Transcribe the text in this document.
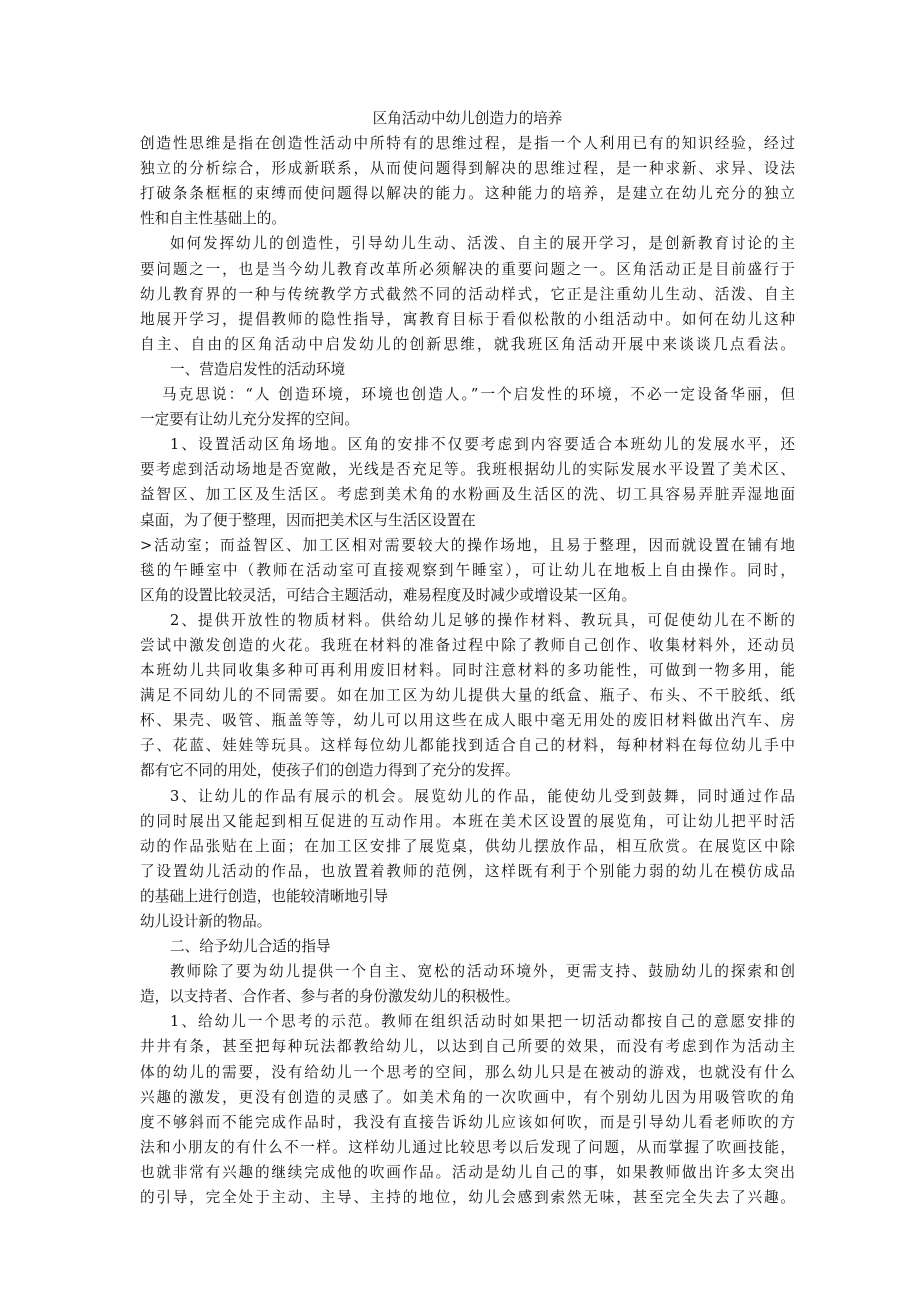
区角活动中幼儿创造力的培养
创造性思维是指在创造性活动中所特有的思维过程，是指一个人利用已有的知识经验，经过
独立的分析综合，形成新联系，从而使问题得到解决的思维过程，是一种求新、求异、设法
打破条条框框的束缚而使问题得以解决的能力。这种能力的培养，是建立在幼儿充分的独立
性和自主性基础上的。
如何发挥幼儿的创造性，引导幼儿生动、活泼、自主的展开学习，是创新教育讨论的主
要问题之一，也是当今幼儿教育改革所必须解决的重要问题之一。区角活动正是目前盛行于
幼儿教育界的一种与传统教学方式截然不同的活动样式，它正是注重幼儿生动、活泼、自主
地展开学习，提倡教师的隐性指导，寓教育目标于看似松散的小组活动中。如何在幼儿这种
自主、自由的区角活动中启发幼儿的创新思维，就我班区角活动开展中来谈谈几点看法。
一、营造启发性的活动环境
马克思说：“人 创造环境，环境也创造人。”一个启发性的环境，不必一定设备华丽，但
一定要有让幼儿充分发挥的空间。
1、设置活动区角场地。区角的安排不仅要考虑到内容要适合本班幼儿的发展水平，还
要考虑到活动场地是否宽敞，光线是否充足等。我班根据幼儿的实际发展水平设置了美术区、
益智区、加工区及生活区。考虑到美术角的水粉画及生活区的洗、切工具容易弄脏弄湿地面
桌面，为了便于整理，因而把美术区与生活区设置在
>活动室；而益智区、加工区相对需要较大的操作场地，且易于整理，因而就设置在铺有地
毯的午睡室中（教师在活动室可直接观察到午睡室），可让幼儿在地板上自由操作。同时，
区角的设置比较灵活，可结合主题活动，难易程度及时减少或增设某一区角。
2、提供开放性的物质材料。供给幼儿足够的操作材料、教玩具，可促使幼儿在不断的
尝试中激发创造的火花。我班在材料的准备过程中除了教师自己创作、收集材料外，还动员
本班幼儿共同收集多种可再利用废旧材料。同时注意材料的多功能性，可做到一物多用，能
满足不同幼儿的不同需要。如在加工区为幼儿提供大量的纸盒、瓶子、布头、不干胶纸、纸
杯、果壳、吸管、瓶盖等等，幼儿可以用这些在成人眼中毫无用处的废旧材料做出汽车、房
子、花蓝、娃娃等玩具。这样每位幼儿都能找到适合自己的材料，每种材料在每位幼儿手中
都有它不同的用处，使孩子们的创造力得到了充分的发挥。
3、让幼儿的作品有展示的机会。展览幼儿的作品，能使幼儿受到鼓舞，同时通过作品
的同时展出又能起到相互促进的互动作用。本班在美术区设置的展览角，可让幼儿把平时活
动的作品张贴在上面；在加工区安排了展览桌，供幼儿摆放作品，相互欣赏。在展览区中除
了设置幼儿活动的作品，也放置着教师的范例，这样既有利于个别能力弱的幼儿在模仿成品
的基础上进行创造，也能较清晰地引导
幼儿设计新的物品。
二、给予幼儿合适的指导
教师除了要为幼儿提供一个自主、宽松的活动环境外，更需支持、鼓励幼儿的探索和创
造，以支持者、合作者、参与者的身份激发幼儿的积极性。
1、给幼儿一个思考的示范。教师在组织活动时如果把一切活动都按自己的意愿安排的
井井有条，甚至把每种玩法都教给幼儿，以达到自己所要的效果，而没有考虑到作为活动主
体的幼儿的需要，没有给幼儿一个思考的空间，那么幼儿只是在被动的游戏，也就没有什么
兴趣的激发，更没有创造的灵感了。如美术角的一次吹画中，有个别幼儿因为用吸管吹的角
度不够斜而不能完成作品时，我没有直接告诉幼儿应该如何吹，而是引导幼儿看老师吹的方
法和小朋友的有什么不一样。这样幼儿通过比较思考以后发现了问题，从而掌握了吹画技能，
也就非常有兴趣的继续完成他的吹画作品。活动是幼儿自己的事，如果教师做出许多太突出
的引导，完全处于主动、主导、主持的地位，幼儿会感到索然无味，甚至完全失去了兴趣。
